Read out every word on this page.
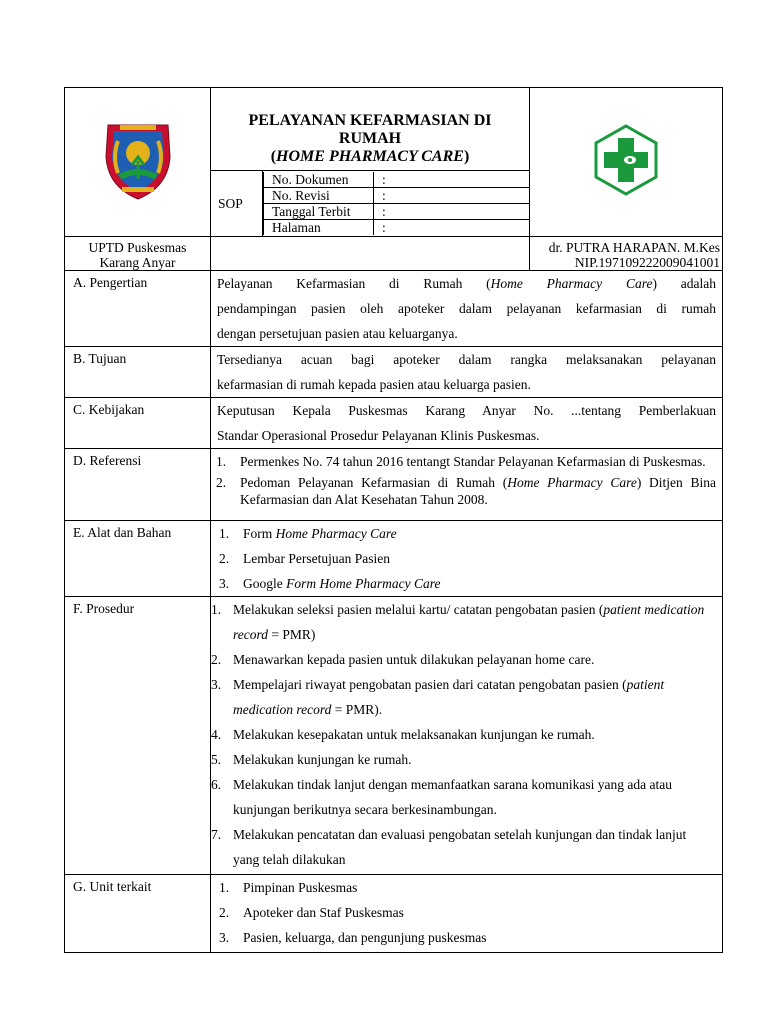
PELAYANAN KEFARMASIAN DI
RUMAH
(HOME PHARMACY CARE)

SOP	
No. Dokumen	:
No. Revisi	:
Tanggal Terbit	:
Halaman	:

UPTD Puskesmas
Karang Anyar

dr. PUTRA HARAPAN. M.Kes
NIP.197109222009041001

A. Pengertian	Pelayanan Kefarmasian di Rumah (Home Pharmacy Care) adalah
pendampingan pasien oleh apoteker dalam pelayanan kefarmasian di rumah
dengan persetujuan pasien atau keluarganya.

B. Tujuan	Tersedianya acuan bagi apoteker dalam rangka melaksanakan pelayanan
kefarmasian di rumah kepada pasien atau keluarga pasien.

C. Kebijakan	Keputusan Kepala Puskesmas Karang Anyar No. ...tentang Pemberlakuan
Standar Operasional Prosedur Pelayanan Klinis Puskesmas.

D. Referensi	1.	Permenkes No. 74 tahun 2016 tentangt Standar Pelayanan Kefarmasian di Puskesmas.
2.	Pedoman Pelayanan Kefarmasian di Rumah (Home Pharmacy Care) Ditjen Bina Kefarmasian dan Alat Kesehatan Tahun 2008.

E. Alat dan Bahan	1.	Form Home Pharmacy Care
2.	Lembar Persetujuan Pasien
3.	Google Form Home Pharmacy Care

F. Prosedur	1. Melakukan seleksi pasien melalui kartu/ catatan pengobatan pasien (patient medication record = PMR)
2. Menawarkan kepada pasien untuk dilakukan pelayanan home care.
3. Mempelajari riwayat pengobatan pasien dari catatan pengobatan pasien (patient medication record = PMR).
4. Melakukan kesepakatan untuk melaksanakan kunjungan ke rumah.
5. Melakukan kunjungan ke rumah.
6. Melakukan tindak lanjut dengan memanfaatkan sarana komunikasi yang ada atau kunjungan berikutnya secara berkesinambungan.
7. Melakukan pencatatan dan evaluasi pengobatan setelah kunjungan dan tindak lanjut yang telah dilakukan

G. Unit terkait	1.	Pimpinan Puskesmas
2.	Apoteker dan Staf Puskesmas
3.	Pasien, keluarga, dan pengunjung puskesmas
